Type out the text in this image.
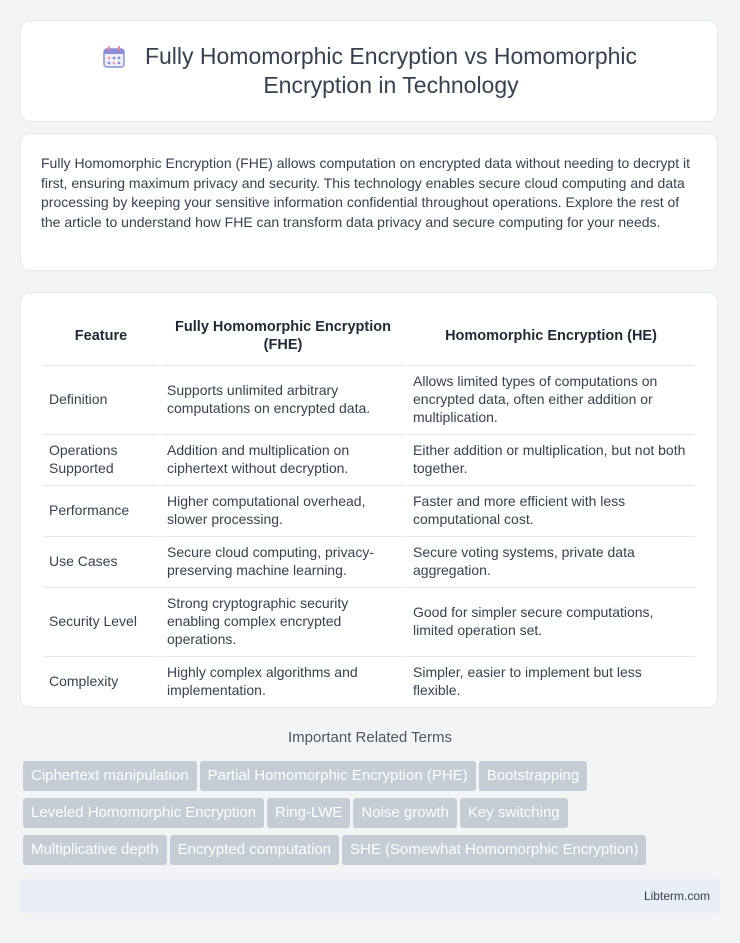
Fully Homomorphic Encryption vs Homomorphic
Encryption in Technology

Fully Homomorphic Encryption (FHE) allows computation on encrypted data without needing to decrypt it first, ensuring maximum privacy and security. This technology enables secure cloud computing and data processing by keeping your sensitive information confidential throughout operations. Explore the rest of the article to understand how FHE can transform data privacy and secure computing for your needs.

Feature	Fully Homomorphic Encryption (FHE)	Homomorphic Encryption (HE)
Definition	Supports unlimited arbitrary computations on encrypted data.	Allows limited types of computations on encrypted data, often either addition or multiplication.
Operations Supported	Addition and multiplication on ciphertext without decryption.	Either addition or multiplication, but not both together.
Performance	Higher computational overhead, slower processing.	Faster and more efficient with less computational cost.
Use Cases	Secure cloud computing, privacy-preserving machine learning.	Secure voting systems, private data aggregation.
Security Level	Strong cryptographic security enabling complex encrypted operations.	Good for simpler secure computations, limited operation set.
Complexity	Highly complex algorithms and implementation.	Simpler, easier to implement but less flexible.
Important Related Terms
Ciphertext manipulation Partial Homomorphic Encryption (PHE) Bootstrapping
Leveled Homomorphic Encryption Ring-LWE Noise growth Key switching
Multiplicative depth Encrypted computation SHE (Somewhat Homomorphic Encryption)
Libterm.com
